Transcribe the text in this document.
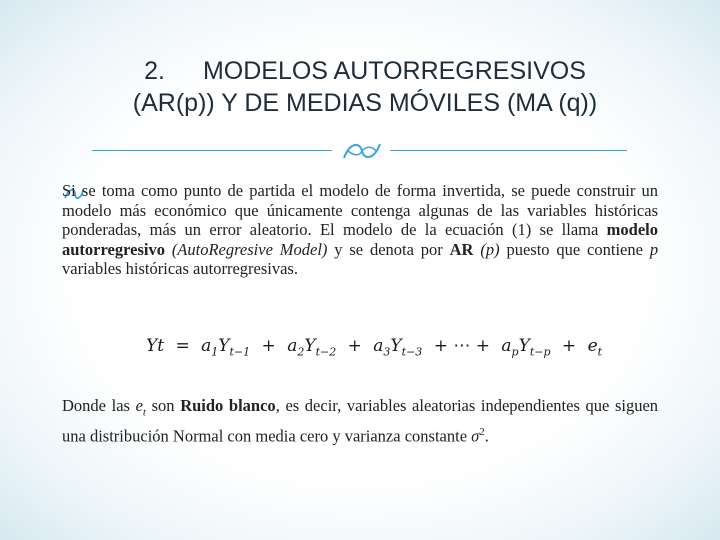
2. MODELOS AUTORREGRESIVOS
(AR(p)) Y DE MEDIAS MÓVILES (MA (q))
Si se toma como punto de partida el modelo de forma invertida, se puede construir un modelo más económico que únicamente contenga algunas de las variables históricas ponderadas, más un error aleatorio. El modelo de la ecuación (1) se llama modelo autorregresivo (AutoRegresive Model) y se denota por AR (p) puesto que contiene p variables históricas autorregresivas.
$Yt = a_1Y_{t-1} + a_2Y_{t-2} + a_3Y_{t-3}$ + ⋯ + $a_pY_{t-p} + e_t$
Donde las $e_t$ son Ruido blanco, es decir, variables aleatorias independientes que siguen una distribución Normal con media cero y varianza constante $\sigma^2$.
